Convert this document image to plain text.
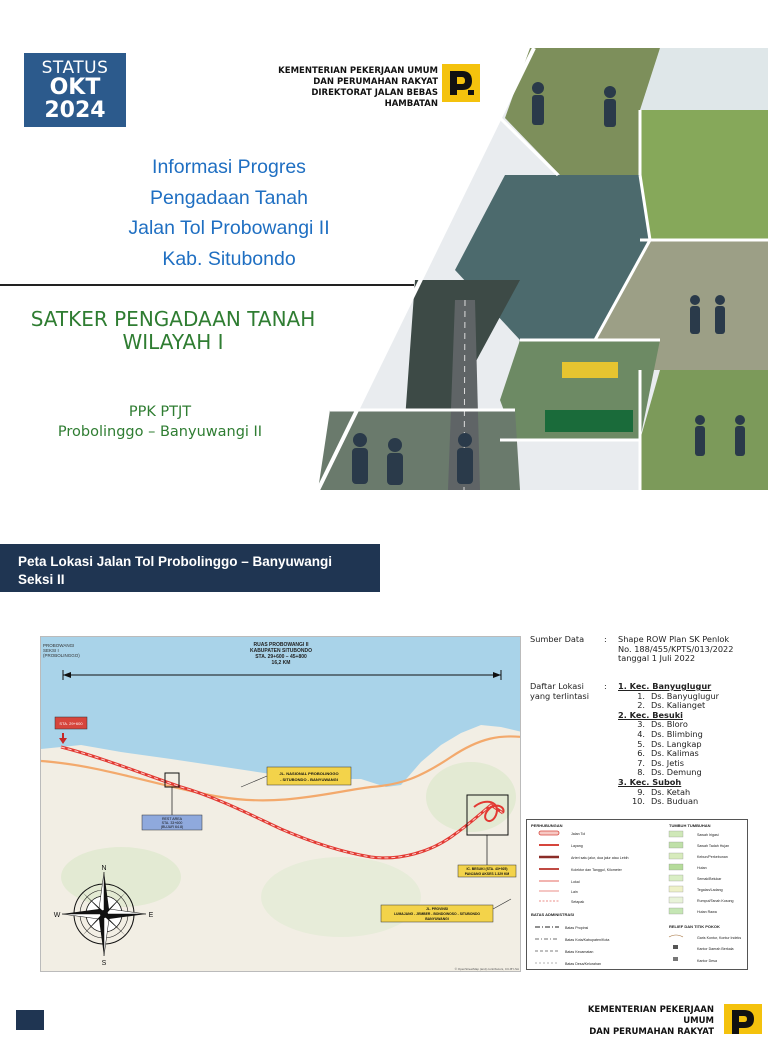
STATUS
OKT
2024
KEMENTERIAN PEKERJAAN UMUM
DAN PERUMAHAN RAKYAT
DIREKTORAT JALAN BEBAS HAMBATAN
Informasi Progres
Pengadaan Tanah
Jalan Tol Probowangi II
Kab. Situbondo
SATKER PENGADAAN TANAH
WILAYAH I
PPK PTJT
Probolinggo – Banyuwangi II
Peta Lokasi Jalan Tol Probolinggo – Banyuwangi
Seksi II
RUAS PROBOWANGI II
KABUPATEN SITUBONDO
STA. 29+600 – 45+800
16,2 KM
PROBOWANGI
SEKSI I
(PROBOLINGGO)
STA. 29+600
JL. NASIONAL PROBOLINGGO
- SITUBONDO - BANYUWANGI
REST AREA
STA. 33+600
(BUJUR 64.8)
IC. BESUKI (STA. 43+925)
PANJANG AKSES 1.329 KM
JL. PROVINSI
LUMAJANG - JEMBER - BONDOWOSO - SITUBONDO
BANYUWANGI
N
S
E
W
© OpenStreetMap (and) contributors, CC-BY-SA
Sumber Data : Shape ROW Plan SK Penlok
No. 188/455/KPTS/013/2022
tanggal 1 Juli 2022
Daftar Lokasi
yang terlintasi
: 1. Kec. Banyuglugur
1. Ds. Banyuglugur
2. Ds. Kalianget
2. Kec. Besuki
3. Ds. Bloro
4. Ds. Blimbing
5. Ds. Langkap
6. Ds. Kalimas
7. Ds. Jetis
8. Ds. Demung
3. Kec. Suboh
9. Ds. Ketah
10. Ds. Buduan
PERHUBUNGAN
Jalan Tol
Layang
Arteri satu jalur, dua jalur atau Lebih
Kolektor dan Tanggul, Kilometer
Lokal
Lain
Setapak
BATAS ADMINISTRASI
Batas Propinsi
Batas Kota/Kabupaten/Kota
Batas Kecamatan
Batas Desa/Kelurahan
TUMBUH TUMBUHAN
Sawah Irigasi
Sawah Tadah Hujan
Kebun/Perkebunan
Hutan
Semak/Belukar
Tegalan/Ladang
Rumput/Tanah Kosong
Hutan Rawa
RELIEF DAN TITIK POKOK
Garis Kontur, Kontur Indeks
Kantor Daerah Berkala
Kantor Desa
KEMENTERIAN PEKERJAAN UMUM
DAN PERUMAHAN RAKYAT
